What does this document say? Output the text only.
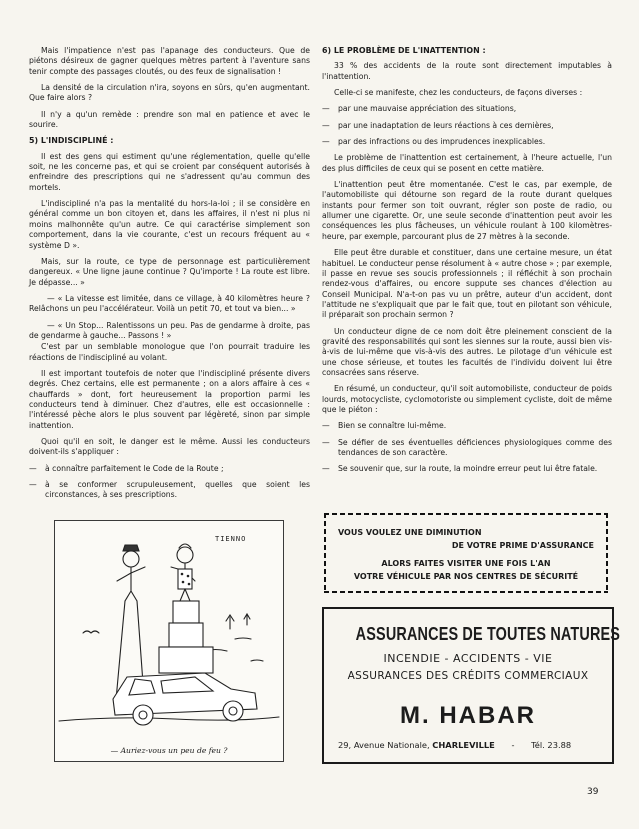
Mais l'impatience n'est pas l'apanage des conducteurs. Que de piétons désireux de gagner quelques mètres partent à l'aventure sans tenir compte des passages cloutés, ou des feux de signalisation !

La densité de la circulation n'ira, soyons en sûrs, qu'en augmentant. Que faire alors ?

Il n'y a qu'un remède : prendre son mal en patience et avec le sourire.

5) L'INDISCIPLINÉ :

Il est des gens qui estiment qu'une réglementation, quelle qu'elle soit, ne les concerne pas, et qui se croient par conséquent autorisés à enfreindre des prescriptions qui ne s'adressent qu'au commun des mortels.

L'indiscipliné n'a pas la mentalité du hors-la-loi ; il se considère en général comme un bon citoyen et, dans les affaires, il n'est ni plus ni moins malhonnête qu'un autre. Ce qui caractérise simplement son comportement, dans la vie courante, c'est un recours fréquent au « système D ».

Mais, sur la route, ce type de personnage est particulièrement dangereux. « Une ligne jaune continue ? Qu'importe ! La route est libre. Je dépasse... »

— « La vitesse est limitée, dans ce village, à 40 kilomètres heure ? Relâchons un peu l'accélérateur. Voilà un petit 70, et tout va bien... »

— « Un Stop... Ralentissons un peu. Pas de gendarme à droite, pas de gendarme à gauche... Passons ! »

C'est par un semblable monologue que l'on pourrait traduire les réactions de l'indiscipliné au volant.

Il est important toutefois de noter que l'indiscipliné présente divers degrés. Chez certains, elle est permanente ; on a alors affaire à ces « chauffards » dont, fort heureusement la proportion parmi les conducteurs tend à diminuer. Chez d'autres, elle est occasionnelle : l'intéressé pèche alors le plus souvent par légèreté, sinon par simple inattention.

Quoi qu'il en soit, le danger est le même. Aussi les conducteurs doivent-ils s'appliquer :

— à connaître parfaitement le Code de la Route ;
— à se conformer scrupuleusement, quelles que soient les circonstances, à ses prescriptions.
TIENNO
— Auriez-vous un peu de feu ?
6) LE PROBLÈME DE L'INATTENTION :

33 % des accidents de la route sont directement imputables à l'inattention.

Celle-ci se manifeste, chez les conducteurs, de façons diverses :

— par une mauvaise appréciation des situations,
— par une inadaptation de leurs réactions à ces dernières,
— par des infractions ou des imprudences inexplicables.

Le problème de l'inattention est certainement, à l'heure actuelle, l'un des plus difficiles de ceux qui se posent en cette matière.

L'inattention peut être momentanée. C'est le cas, par exemple, de l'automobiliste qui détourne son regard de la route durant quelques instants pour fermer son toit ouvrant, régler son poste de radio, ou allumer une cigarette. Or, une seule seconde d'inattention peut avoir les conséquences les plus fâcheuses, un véhicule roulant à 100 kilomètres-heure, par exemple, parcourant plus de 27 mètres à la seconde.

Elle peut être durable et constituer, dans une certaine mesure, un état habituel. Le conducteur pense résolument à « autre chose » ; par exemple, il passe en revue ses soucis professionnels ; il réfléchit à son prochain rendez-vous d'affaires, ou encore suppute ses chances d'élection au Conseil Municipal. N'a-t-on pas vu un prêtre, auteur d'un accident, dont l'attitude ne s'expliquait que par le fait que, tout en pilotant son véhicule, il préparait son prochain sermon ?

Un conducteur digne de ce nom doit être pleinement conscient de la gravité des responsabilités qui sont les siennes sur la route, aussi bien vis-à-vis de lui-même que vis-à-vis des autres. Le pilotage d'un véhicule est une chose sérieuse, et toutes les facultés de l'individu doivent lui être consacrées sans réserve.

En résumé, un conducteur, qu'il soit automobiliste, conducteur de poids lourds, motocycliste, cyclomotoriste ou simplement cycliste, doit de même que le piéton :

— Bien se connaître lui-même.
— Se défier de ses éventuelles déficiences physiologiques comme des tendances de son caractère.
— Se souvenir que, sur la route, la moindre erreur peut lui être fatale.
VOUS VOULEZ UNE DIMINUTION
DE VOTRE PRIME D'ASSURANCE
ALORS FAITES VISITER UNE FOIS L'AN
VOTRE VÉHICULE PAR NOS CENTRES DE SÉCURITÉ
ASSURANCES DE TOUTES NATURES
INCENDIE - ACCIDENTS - VIE
ASSURANCES DES CRÉDITS COMMERCIAUX
M. HABAR
29, Avenue Nationale, CHARLEVILLE - Tél. 23.88
39
